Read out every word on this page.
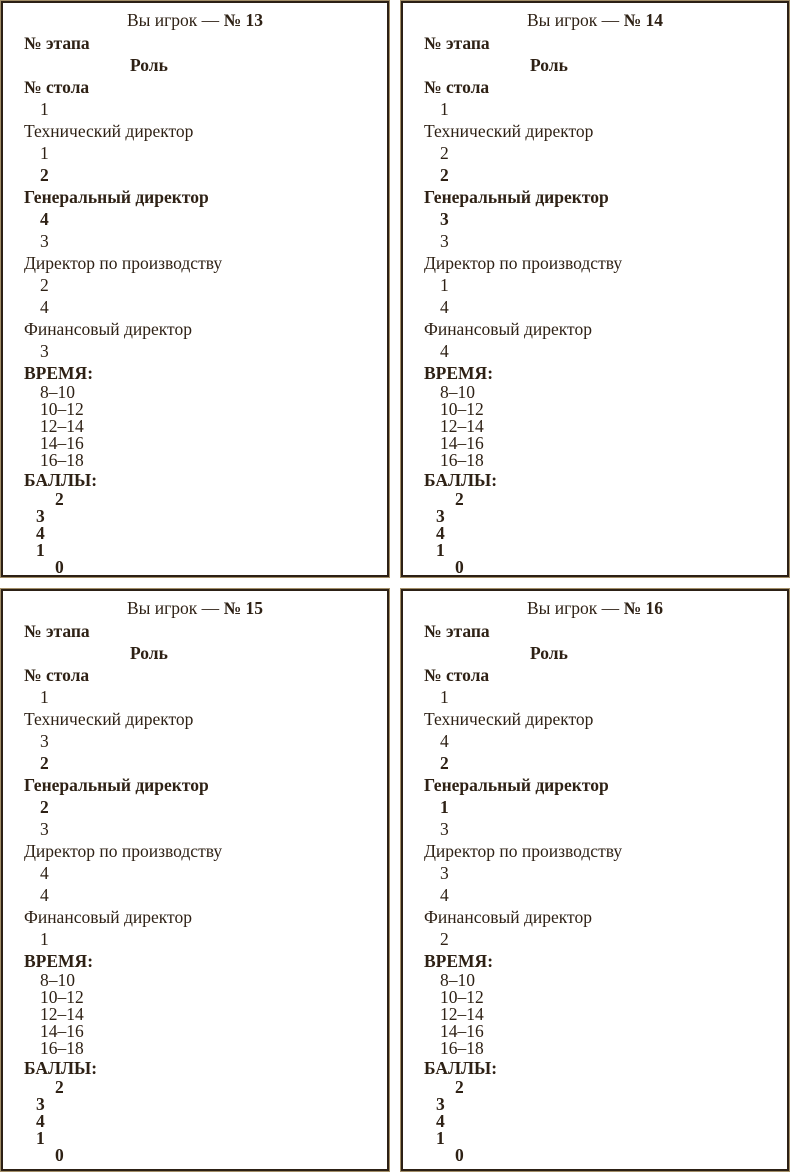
Вы игрок — № 13
№ этапа
Роль
№ стола
1
Технический директор
1
2
Генеральный директор
4
3
Директор по производству
2
4
Финансовый директор
3
ВРЕМЯ:
8–10
10–12
12–14
14–16
16–18
БАЛЛЫ:
2
3
4
1
0
Вы игрок — № 14
№ этапа
Роль
№ стола
1
Технический директор
2
2
Генеральный директор
3
3
Директор по производству
1
4
Финансовый директор
4
ВРЕМЯ:
8–10
10–12
12–14
14–16
16–18
БАЛЛЫ:
2
3
4
1
0
Вы игрок — № 15
№ этапа
Роль
№ стола
1
Технический директор
3
2
Генеральный директор
2
3
Директор по производству
4
4
Финансовый директор
1
ВРЕМЯ:
8–10
10–12
12–14
14–16
16–18
БАЛЛЫ:
2
3
4
1
0
Вы игрок — № 16
№ этапа
Роль
№ стола
1
Технический директор
4
2
Генеральный директор
1
3
Директор по производству
3
4
Финансовый директор
2
ВРЕМЯ:
8–10
10–12
12–14
14–16
16–18
БАЛЛЫ:
2
3
4
1
0
